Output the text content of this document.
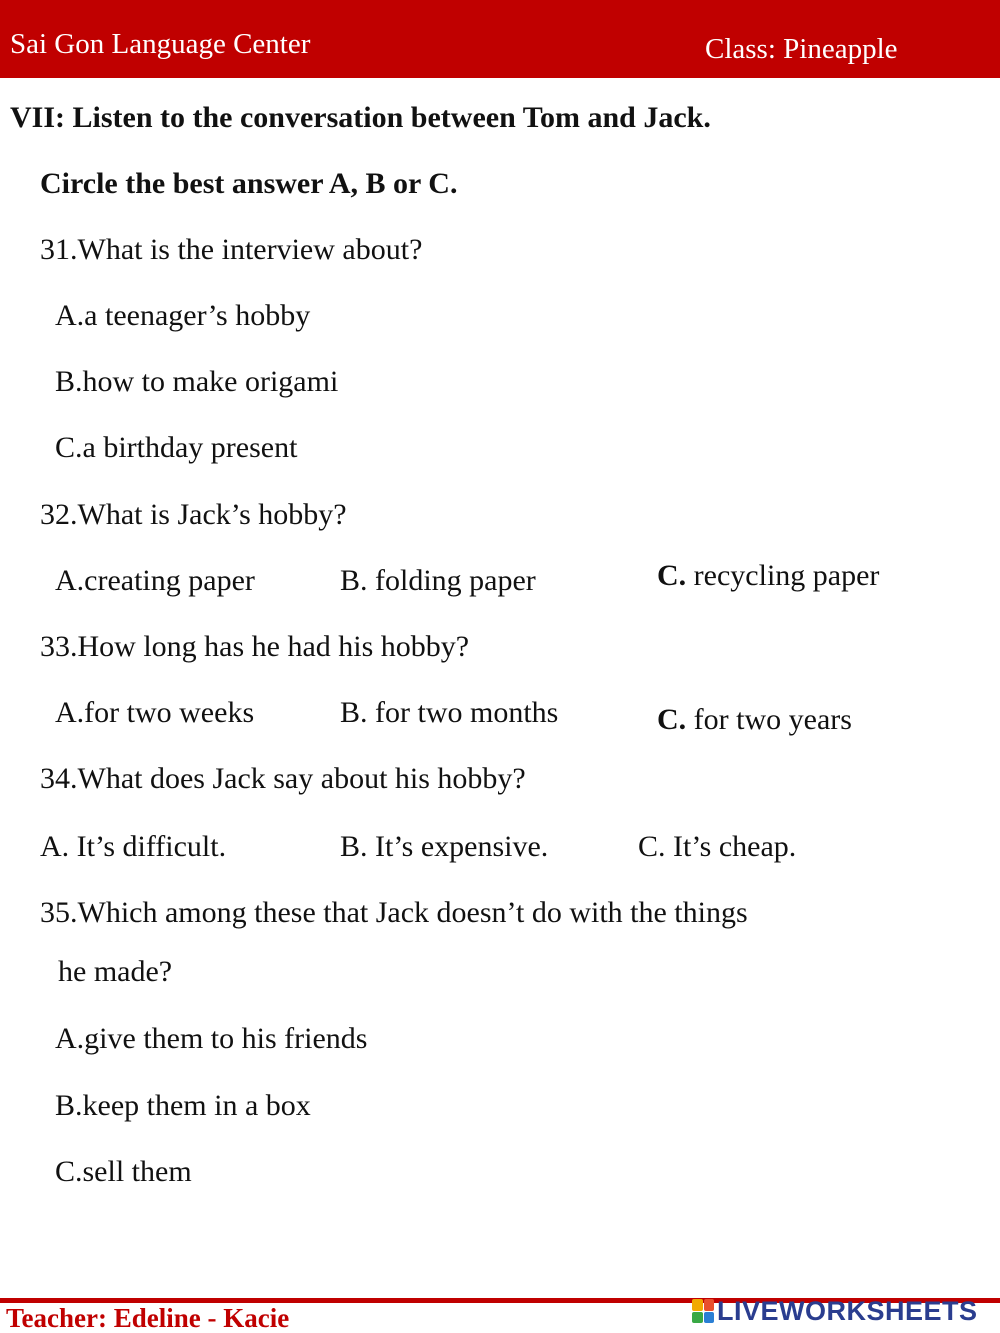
Sai Gon Language Center	Class: Pineapple
VII: Listen to the conversation between Tom and Jack.
Circle the best answer A, B or C.
31.What is the interview about?
A.a teenager’s hobby
B.how to make origami
C.a birthday present
32.What is Jack’s hobby?
A.creating paper	B. folding paper	C. recycling paper
33.How long has he had his hobby?
A.for two weeks	B. for two months	C. for two years
34.What does Jack say about his hobby?
A. It’s difficult.	B. It’s expensive.	C. It’s cheap.
35.Which among these that Jack doesn’t do with the things
he made?
A.give them to his friends
B.keep them in a box
C.sell them
Teacher: Edeline - Kacie	LIVEWORKSHEETS
